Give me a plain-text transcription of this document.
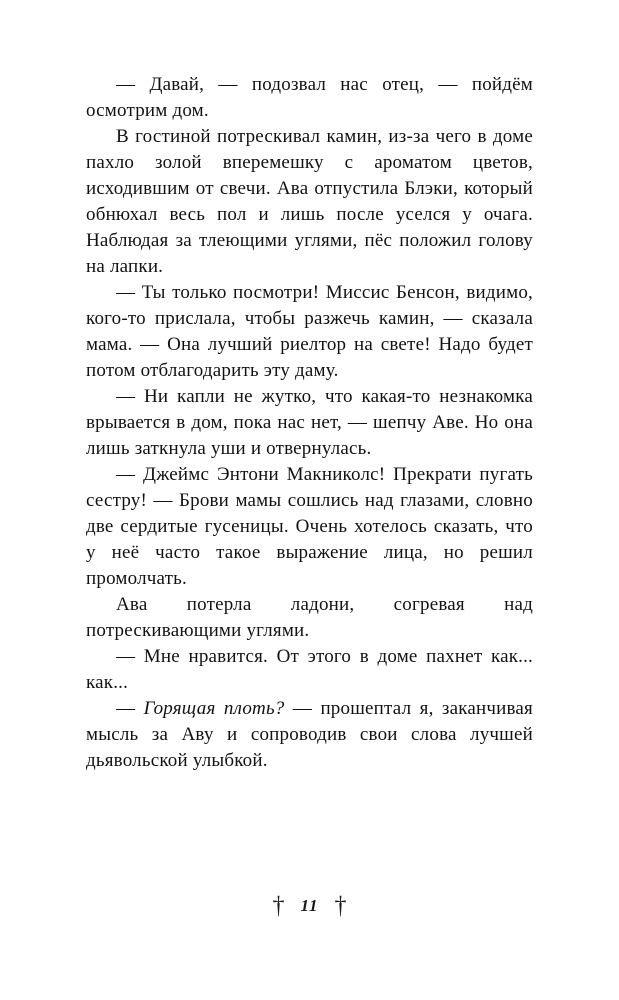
— Давай, — подозвал нас отец, — пойдём осмотрим дом.

В гостиной потрескивал камин, из-за чего в доме пахло золой вперемешку с ароматом цветов, исходившим от свечи. Ава отпустила Блэки, который обнюхал весь пол и лишь после уселся у очага. Наблюдая за тлеющими углями, пёс положил голову на лапки.

— Ты только посмотри! Миссис Бенсон, видимо, кого-то прислала, чтобы разжечь камин, — сказала мама. — Она лучший риелтор на свете! Надо будет потом отблагодарить эту даму.

— Ни капли не жутко, что какая-то незнакомка врывается в дом, пока нас нет, — шепчу Аве. Но она лишь заткнула уши и отвернулась.

— Джеймс Энтони Макниколс! Прекрати пугать сестру! — Брови мамы сошлись над глазами, словно две сердитые гусеницы. Очень хотелось сказать, что у неё часто такое выражение лица, но решил промолчать.

Ава потерла ладони, согревая над потрескивающими углями.

— Мне нравится. От этого в доме пахнет как... как...

— Горящая плоть? — прошептал я, заканчивая мысль за Аву и сопроводив свои слова лучшей дьявольской улыбкой.

† 11 †
